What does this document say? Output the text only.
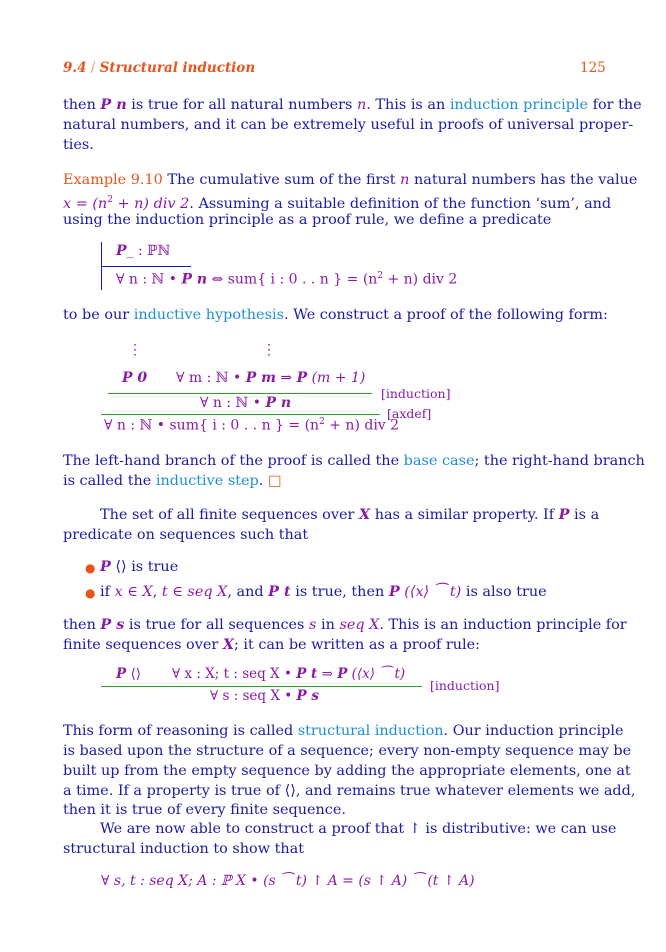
9.4 / Structural induction	125
then P n is true for all natural numbers n. This is an induction principle for the
natural numbers, and it can be extremely useful in proofs of universal proper-
ties.
Example 9.10 The cumulative sum of the first n natural numbers has the value
$x = (n^2 + n)$ div 2. Assuming a suitable definition of the function ‘sum’, and
using the induction principle as a proof rule, we define a predicate
P_ : ℙℕ
∀ n : ℕ • P n ⇔ sum{ i : 0 . . n } = $(n^2 + n)$ div 2
to be our inductive hypothesis. We construct a proof of the following form:
⋮	⋮
P 0 ∀ m : ℕ • P m ⇒ P (m + 1)
[induction]
∀ n : ℕ • P n
[axdef]
∀ n : ℕ • sum{ i : 0 . . n } = $(n^2 + n)$ div 2
The left-hand branch of the proof is called the base case; the right-hand branch
is called the inductive step. □
The set of all finite sequences over X has a similar property. If P is a
predicate on sequences such that
● P ⟨⟩ is true
● if x ∈ X, t ∈ seq X, and P t is true, then P (⟨x⟩ ⁀ t) is also true
then P s is true for all sequences s in seq X. This is an induction principle for
finite sequences over X; it can be written as a proof rule:
P ⟨⟩ ∀ x : X; t : seq X • P t ⇒ P (⟨x⟩ ⁀ t)
[induction]
∀ s : seq X • P s
This form of reasoning is called structural induction. Our induction principle
is based upon the structure of a sequence; every non-empty sequence may be
built up from the empty sequence by adding the appropriate elements, one at
a time. If a property is true of ⟨⟩, and remains true whatever elements we add,
then it is true of every finite sequence.
We are now able to construct a proof that ↾ is distributive: we can use
structural induction to show that
∀ s, t : seq X; A : ℙ X • (s ⁀ t) ↾ A = (s ↾ A) ⁀ (t ↾ A)
